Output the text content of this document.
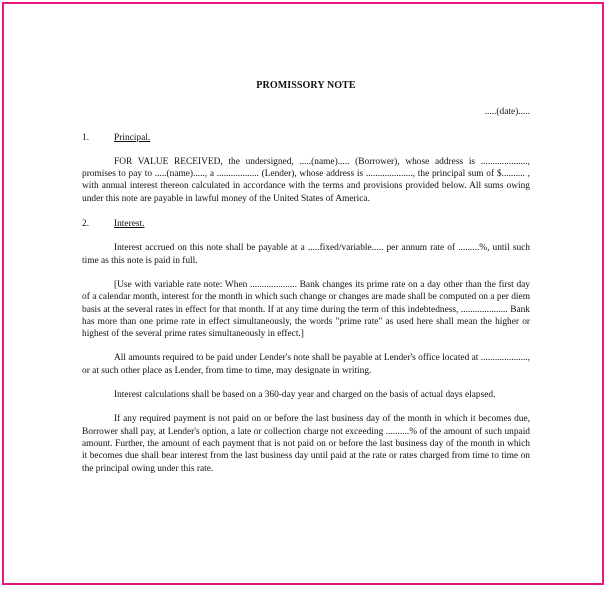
PROMISSORY NOTE
.....(date).....
1.	Principal.

FOR VALUE RECEIVED, the undersigned, .....(name)..... (Borrower), whose address is ...................., promises to pay to .....(name)....., a .................. (Lender), whose address is ...................., the principal sum of $.......... , with annual interest thereon calculated in accordance with the terms and provisions provided below. All sums owing under this note are payable in lawful money of the United States of America.

2.	Interest.

Interest accrued on this note shall be payable at a .....fixed/variable..... per annum rate of .........%, until such time as this note is paid in full.

[Use with variable rate note: When .................... Bank changes its prime rate on a day other than the first day of a calendar month, interest for the month in which such change or changes are made shall be computed on a per diem basis at the several rates in effect for that month. If at any time during the term of this indebtedness, .................... Bank has more than one prime rate in effect simultaneously, the words "prime rate" as used here shall mean the higher or highest of the several prime rates simultaneously in effect.]

All amounts required to be paid under Lender's note shall be payable at Lender's office located at ...................., or at such other place as Lender, from time to time, may designate in writing.

Interest calculations shall be based on a 360-day year and charged on the basis of actual days elapsed.

If any required payment is not paid on or before the last business day of the month in which it becomes due, Borrower shall pay, at Lender's option, a late or collection charge not exceeding ..........% of the amount of such unpaid amount. Further, the amount of each payment that is not paid on or before the last business day of the month in which it becomes due shall bear interest from the last business day until paid at the rate or rates charged from time to time on the principal owing under this rate.
